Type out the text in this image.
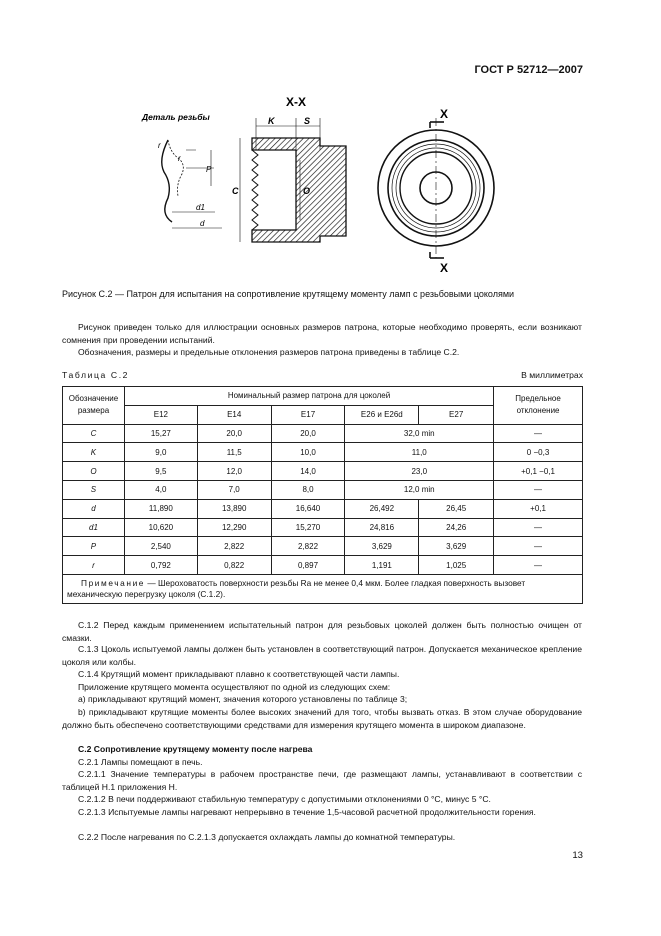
ГОСТ Р 52712—2007
Деталь резьбы
r
r
P
d1
d
X-X
K	S
C	O
X
X
Рисунок С.2 — Патрон для испытания на сопротивление крутящему моменту ламп с резьбовыми цоколями
Рисунок приведен только для иллюстрации основных размеров патрона, которые необходимо проверять, если возникают сомнения при проведении испытаний.
Обозначения, размеры и предельные отклонения размеров патрона приведены в таблице С.2.
Таблица С.2	В миллиметрах
Обозначение размера	Номинальный размер патрона для цоколей					Предельное отклонение
	Е12	Е14	Е17	Е26 и Е26d	Е27	
C	15,27	20,0	20,0	32,0 min		—
K	9,0	11,5	10,0	11,0		0 −0,3
O	9,5	12,0	14,0	23,0		+0,1 −0,1
S	4,0	7,0	8,0	12,0 min		—
d	11,890	13,890	16,640	26,492	26,45	+0,1
d1	10,620	12,290	15,270	24,816	24,26	—
P	2,540	2,822	2,822	3,629	3,629	—
r	0,792	0,822	0,897	1,191	1,025	—
Примечание — Шероховатость поверхности резьбы Ra не менее 0,4 мкм. Более гладкая поверхность вызовет механическую перегрузку цоколя (С.1.2).						
С.1.2 Перед каждым применением испытательный патрон для резьбовых цоколей должен быть полностью очищен от смазки.
С.1.3 Цоколь испытуемой лампы должен быть установлен в соответствующий патрон. Допускается механическое крепление цоколя или колбы.
С.1.4 Крутящий момент прикладывают плавно к соответствующей части лампы.
Приложение крутящего момента осуществляют по одной из следующих схем:
а) прикладывают крутящий момент, значения которого установлены по таблице 3;
b) прикладывают крутящие моменты более высоких значений для того, чтобы вызвать отказ. В этом случае оборудование должно быть обеспечено соответствующими средствами для измерения крутящего момента в широком диапазоне.
С.2 Сопротивление крутящему моменту после нагрева
С.2.1 Лампы помещают в печь.
С.2.1.1 Значение температуры в рабочем пространстве печи, где размещают лампы, устанавливают в соответствии с таблицей Н.1 приложения Н.
С.2.1.2 В печи поддерживают стабильную температуру с допустимыми отклонениями 0 °С, минус 5 °С.
С.2.1.3 Испытуемые лампы нагревают непрерывно в течение 1,5-часовой расчетной продолжительности горения.
С.2.2 После нагревания по С.2.1.3 допускается охлаждать лампы до комнатной температуры.
13
